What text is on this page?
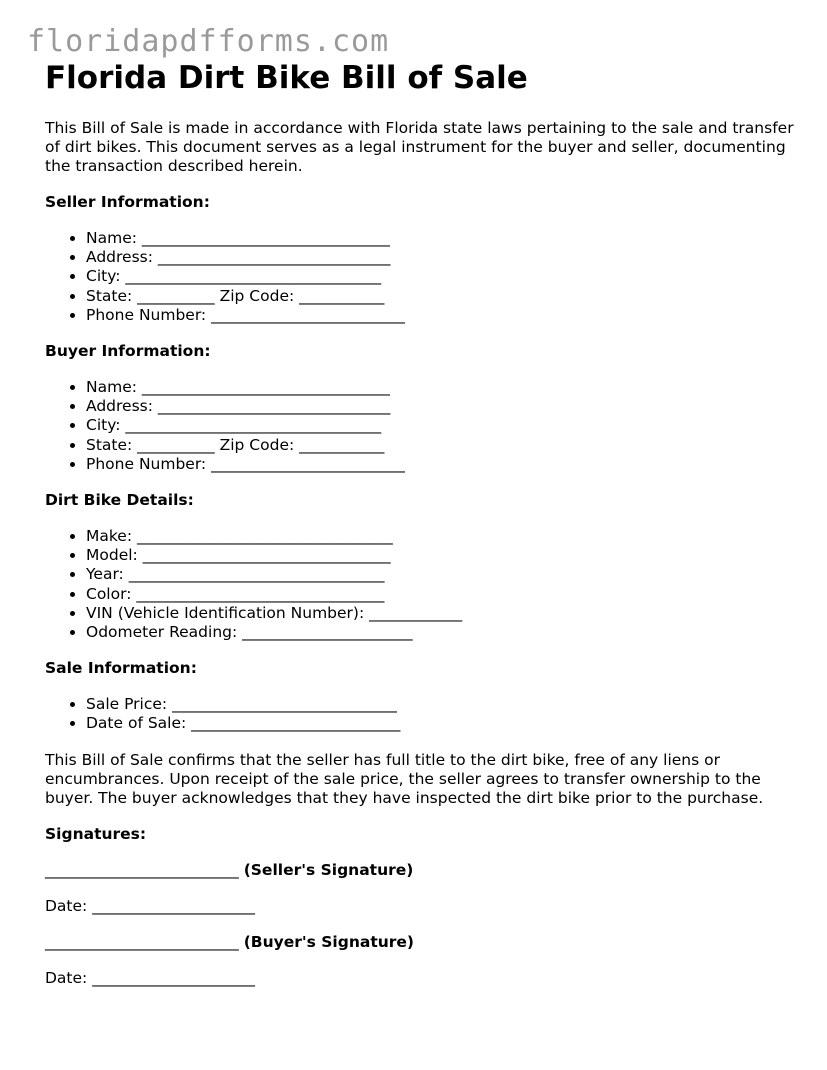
floridapdfforms.com
Florida Dirt Bike Bill of Sale

This Bill of Sale is made in accordance with Florida state laws pertaining to the sale and transfer of dirt bikes. This document serves as a legal instrument for the buyer and seller, documenting the transaction described herein.

Seller Information:

• Name: ________________________________
• Address: ______________________________
• City: _________________________________
• State: __________ Zip Code: ___________
• Phone Number: _________________________

Buyer Information:

• Name: ________________________________
• Address: ______________________________
• City: _________________________________
• State: __________ Zip Code: ___________
• Phone Number: _________________________

Dirt Bike Details:

• Make: _________________________________
• Model: ________________________________
• Year: _________________________________
• Color: ________________________________
• VIN (Vehicle Identification Number): ____________
• Odometer Reading: ______________________

Sale Information:

• Sale Price: _____________________________
• Date of Sale: ___________________________

This Bill of Sale confirms that the seller has full title to the dirt bike, free of any liens or encumbrances. Upon receipt of the sale price, the seller agrees to transfer ownership to the buyer. The buyer acknowledges that they have inspected the dirt bike prior to the purchase.

Signatures:

_________________________ (Seller's Signature)

Date: _____________________

_________________________ (Buyer's Signature)

Date: _____________________
